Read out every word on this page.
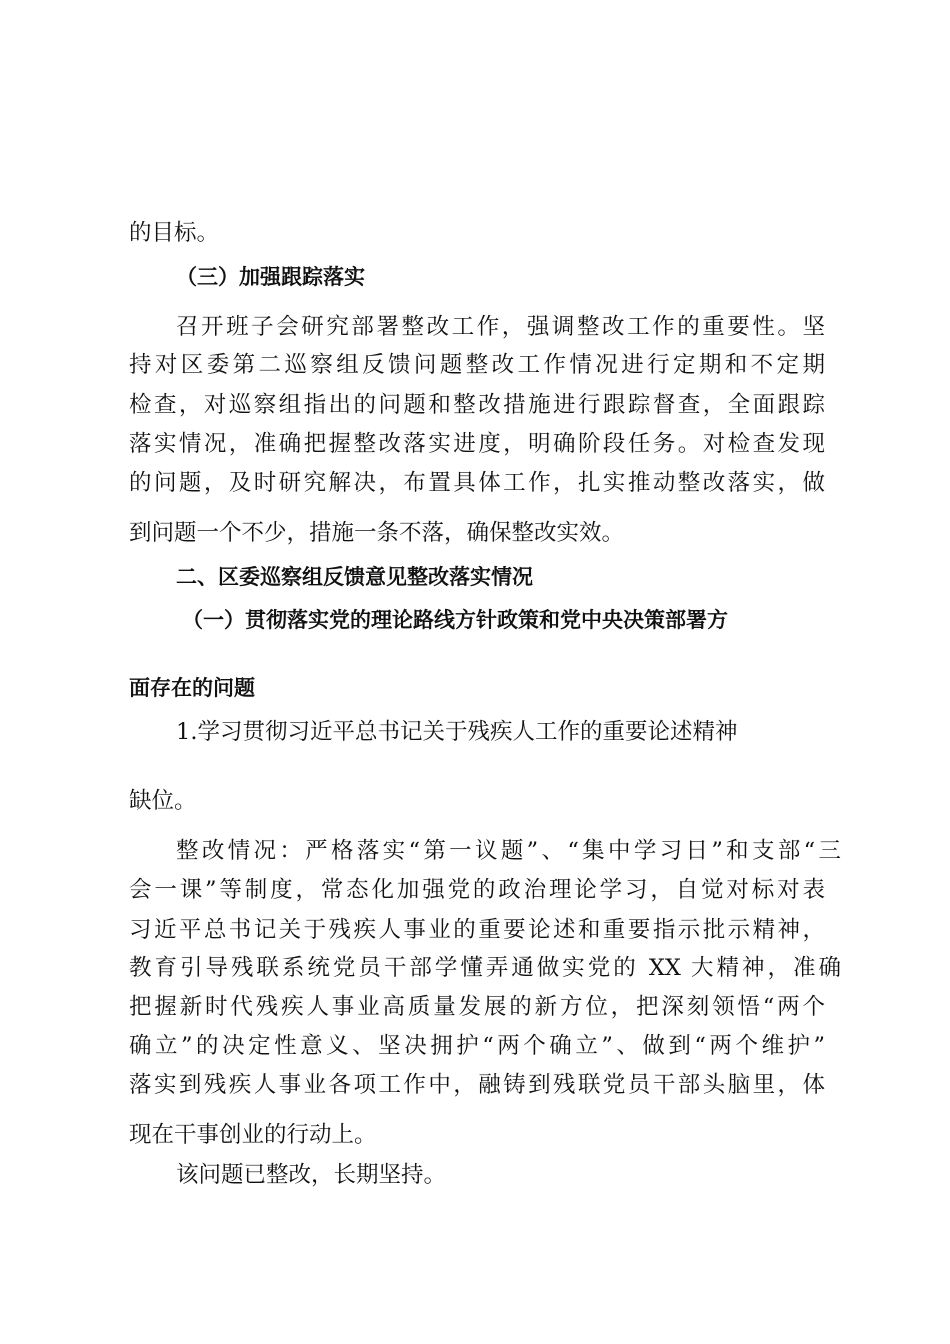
的目标。
（三）加强跟踪落实
召开班子会研究部署整改工作，强调整改工作的重要性。坚
持对区委第二巡察组反馈问题整改工作情况进行定期和不定期
检查，对巡察组指出的问题和整改措施进行跟踪督查，全面跟踪
落实情况，准确把握整改落实进度，明确阶段任务。对检查发现
的问题，及时研究解决，布置具体工作，扎实推动整改落实，做
到问题一个不少，措施一条不落，确保整改实效。
二、区委巡察组反馈意见整改落实情况
（一）贯彻落实党的理论路线方针政策和党中央决策部署方
面存在的问题
1.学习贯彻习近平总书记关于残疾人工作的重要论述精神
缺位。
整改情况：严格落实“第一议题”、“集中学习日”和支部“三
会一课”等制度，常态化加强党的政治理论学习，自觉对标对表
习近平总书记关于残疾人事业的重要论述和重要指示批示精神，
教育引导残联系统党员干部学懂弄通做实党的 XX 大精神，准确
把握新时代残疾人事业高质量发展的新方位，把深刻领悟“两个
确立”的决定性意义、坚决拥护“两个确立”、做到“两个维护”
落实到残疾人事业各项工作中，融铸到残联党员干部头脑里，体
现在干事创业的行动上。
该问题已整改，长期坚持。
